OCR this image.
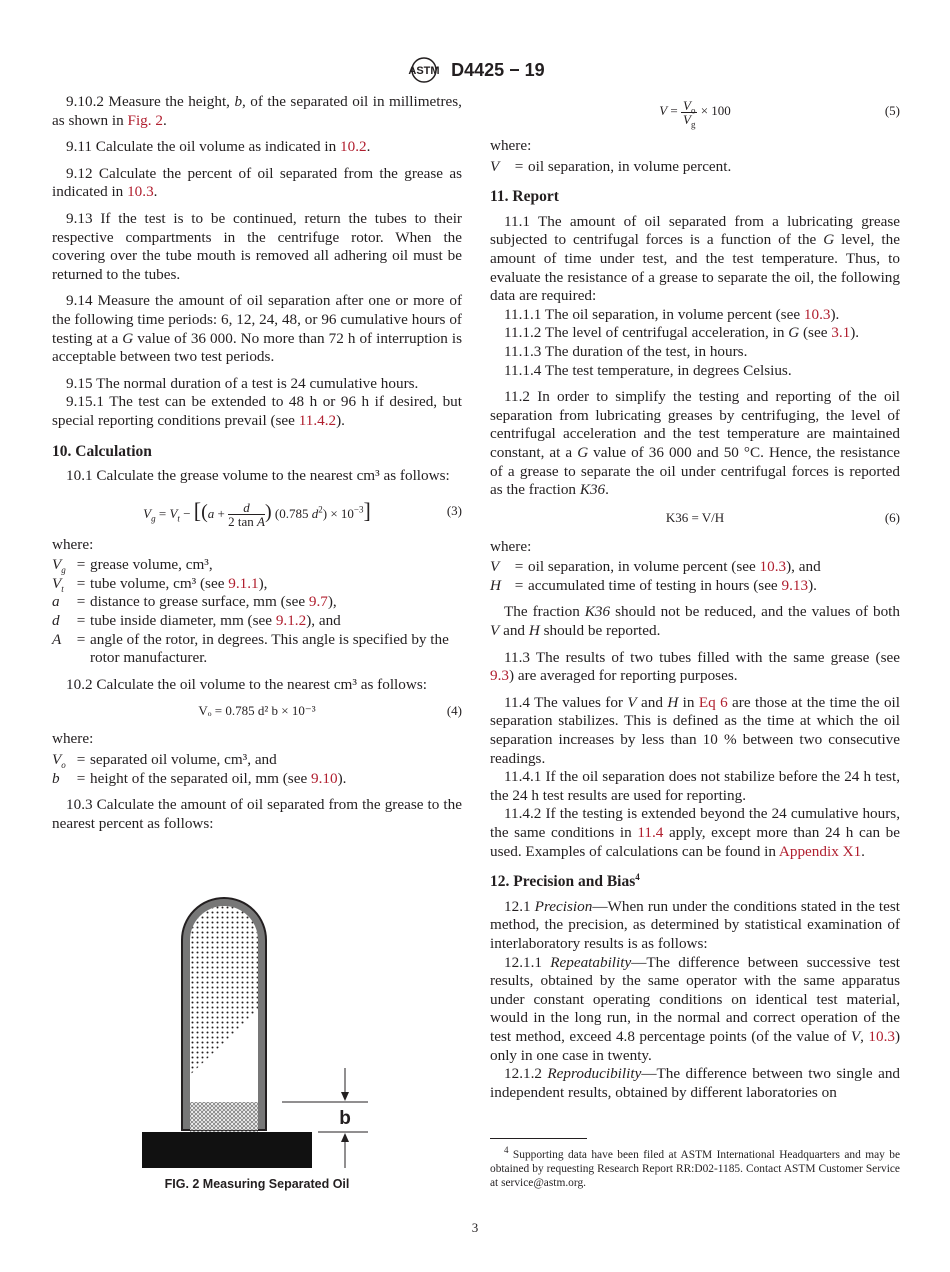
ASTM D4425 − 19

9.10.2 Measure the height, b, of the separated oil in millimetres, as shown in Fig. 2.

9.11 Calculate the oil volume as indicated in 10.2.

9.12 Calculate the percent of oil separated from the grease as indicated in 10.3.

9.13 If the test is to be continued, return the tubes to their respective compartments in the centrifuge rotor. When the covering over the tube mouth is removed all adhering oil must be returned to the tubes.

9.14 Measure the amount of oil separation after one or more of the following time periods: 6, 12, 24, 48, or 96 cumulative hours of testing at a G value of 36 000. No more than 72 h of interruption is acceptable between two test periods.

9.15 The normal duration of a test is 24 cumulative hours.

9.15.1 The test can be extended to 48 h or 96 h if desired, but special reporting conditions prevail (see 11.4.2).

10. Calculation

10.1 Calculate the grease volume to the nearest cm³ as follows:

$V_g = V_t - [(a + \frac{d}{\text{2 tan A}}$ ) (0.785 $d^2) \times 10^{-3}$]	(3)

where:

$V_g$ = grease volume, cm³,
$V_t$ = tube volume, cm³ (see 9.1.1),
a	= distance to grease surface, mm (see 9.7),
d	= tube inside diameter, mm (see 9.1.2), and
A	= angle of the rotor, in degrees. This angle is specified by the rotor manufacturer.

10.2 Calculate the oil volume to the nearest cm³ as follows:

Vₒ = 0.785 d² b × 10⁻³	(4)

where:

$V_o$ = separated oil volume, cm³, and
b	= height of the separated oil, mm (see 9.10).

10.3 Calculate the amount of oil separated from the grease to the nearest percent as follows:

b
FIG. 2 Measuring Separated Oil
$V = \frac{V_o}{V_g} \times 100$	(5)

where:

V	= oil separation, in volume percent.
11. Report

11.1 The amount of oil separated from a lubricating grease subjected to centrifugal forces is a function of the G level, the amount of time under test, and the test temperature. Thus, to evaluate the resistance of a grease to separate the oil, the following data are required:

11.1.1 The oil separation, in volume percent (see 10.3).

11.1.2 The level of centrifugal acceleration, in G (see 3.1).

11.1.3 The duration of the test, in hours.

11.1.4 The test temperature, in degrees Celsius.

11.2 In order to simplify the testing and reporting of the oil separation from lubricating greases by centrifuging, the level of centrifugal acceleration and the test temperature are maintained constant, at a G value of 36 000 and 50 °C. Hence, the resistance of a grease to separate the oil under centrifugal forces is reported as the fraction K36.

K36 = V/H	(6)

where:

V	= oil separation, in volume percent (see 10.3), and
H = accumulated time of testing in hours (see 9.13).

The fraction K36 should not be reduced, and the values of both V and H should be reported.

11.3 The results of two tubes filled with the same grease (see 9.3) are averaged for reporting purposes.

11.4 The values for V and H in Eq 6 are those at the time the oil separation stabilizes. This is defined as the time at which the oil separation increases by less than 10 % between two consecutive readings.

11.4.1 If the oil separation does not stabilize before the 24 h test, the 24 h test results are used for reporting.

11.4.2 If the testing is extended beyond the 24 cumulative hours, the same conditions in 11.4 apply, except more than 24 h can be used. Examples of calculations can be found in Appendix X1.

12. Precision and Bias$^4$

12.1 Precision—When run under the conditions stated in the test method, the precision, as determined by statistical examination of interlaboratory results is as follows:

12.1.1 Repeatability—The difference between successive test results, obtained by the same operator with the same apparatus under constant operating conditions on identical test material, would in the long run, in the normal and correct operation of the test method, exceed 4.8 percentage points (of the value of V, 10.3) only in one case in twenty.

12.1.2 Reproducibility—The difference between two single and independent results, obtained by different laboratories on

$^4$ Supporting data have been filed at ASTM International Headquarters and may be obtained by requesting Research Report RR:D02-1185. Contact ASTM Customer Service at service@astm.org.
3
